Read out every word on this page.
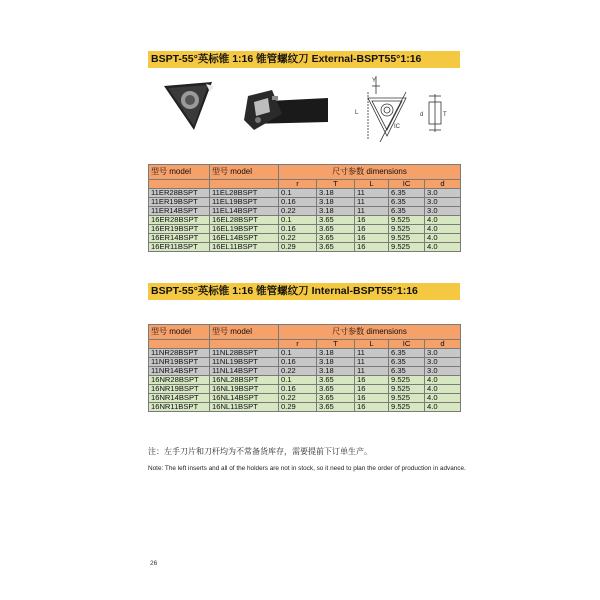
BSPT-55°英标锥 1:16 锥管螺纹刀 External-BSPT55°1:16
Y
L
IC
T
d
型号 model	型号 model	尺寸参数 dimensions				
		r	T	L	IC	d
11ER28BSPT	11EL28BSPT	0.1	3.18	11	6.35	3.0
11ER19BSPT	11EL19BSPT	0.16	3.18	11	6.35	3.0
11ER14BSPT	11EL14BSPT	0.22	3.18	11	6.35	3.0
16ER28BSPT	16EL28BSPT	0.1	3.65	16	9.525	4.0
16ER19BSPT	16EL19BSPT	0.16	3.65	16	9.525	4.0
16ER14BSPT	16EL14BSPT	0.22	3.65	16	9.525	4.0
16ER11BSPT	16EL11BSPT	0.29	3.65	16	9.525	4.0
BSPT-55°英标锥 1:16 锥管螺纹刀 Internal-BSPT55°1:16
型号 model	型号 model	尺寸参数 dimensions				
		r	T	L	IC	d
11NR28BSPT	11NL28BSPT	0.1	3.18	11	6.35	3.0
11NR19BSPT	11NL19BSPT	0.16	3.18	11	6.35	3.0
11NR14BSPT	11NL14BSPT	0.22	3.18	11	6.35	3.0
16NR28BSPT	16NL28BSPT	0.1	3.65	16	9.525	4.0
16NR19BSPT	16NL19BSPT	0.16	3.65	16	9.525	4.0
16NR14BSPT	16NL14BSPT	0.22	3.65	16	9.525	4.0
16NR11BSPT	16NL11BSPT	0.29	3.65	16	9.525	4.0
注：左手刀片和刀杆均为不常备货库存，需要提前下订单生产。
Note: The left inserts and all of the holders are not in stock, so it need to plan the order of production in advance.
26
